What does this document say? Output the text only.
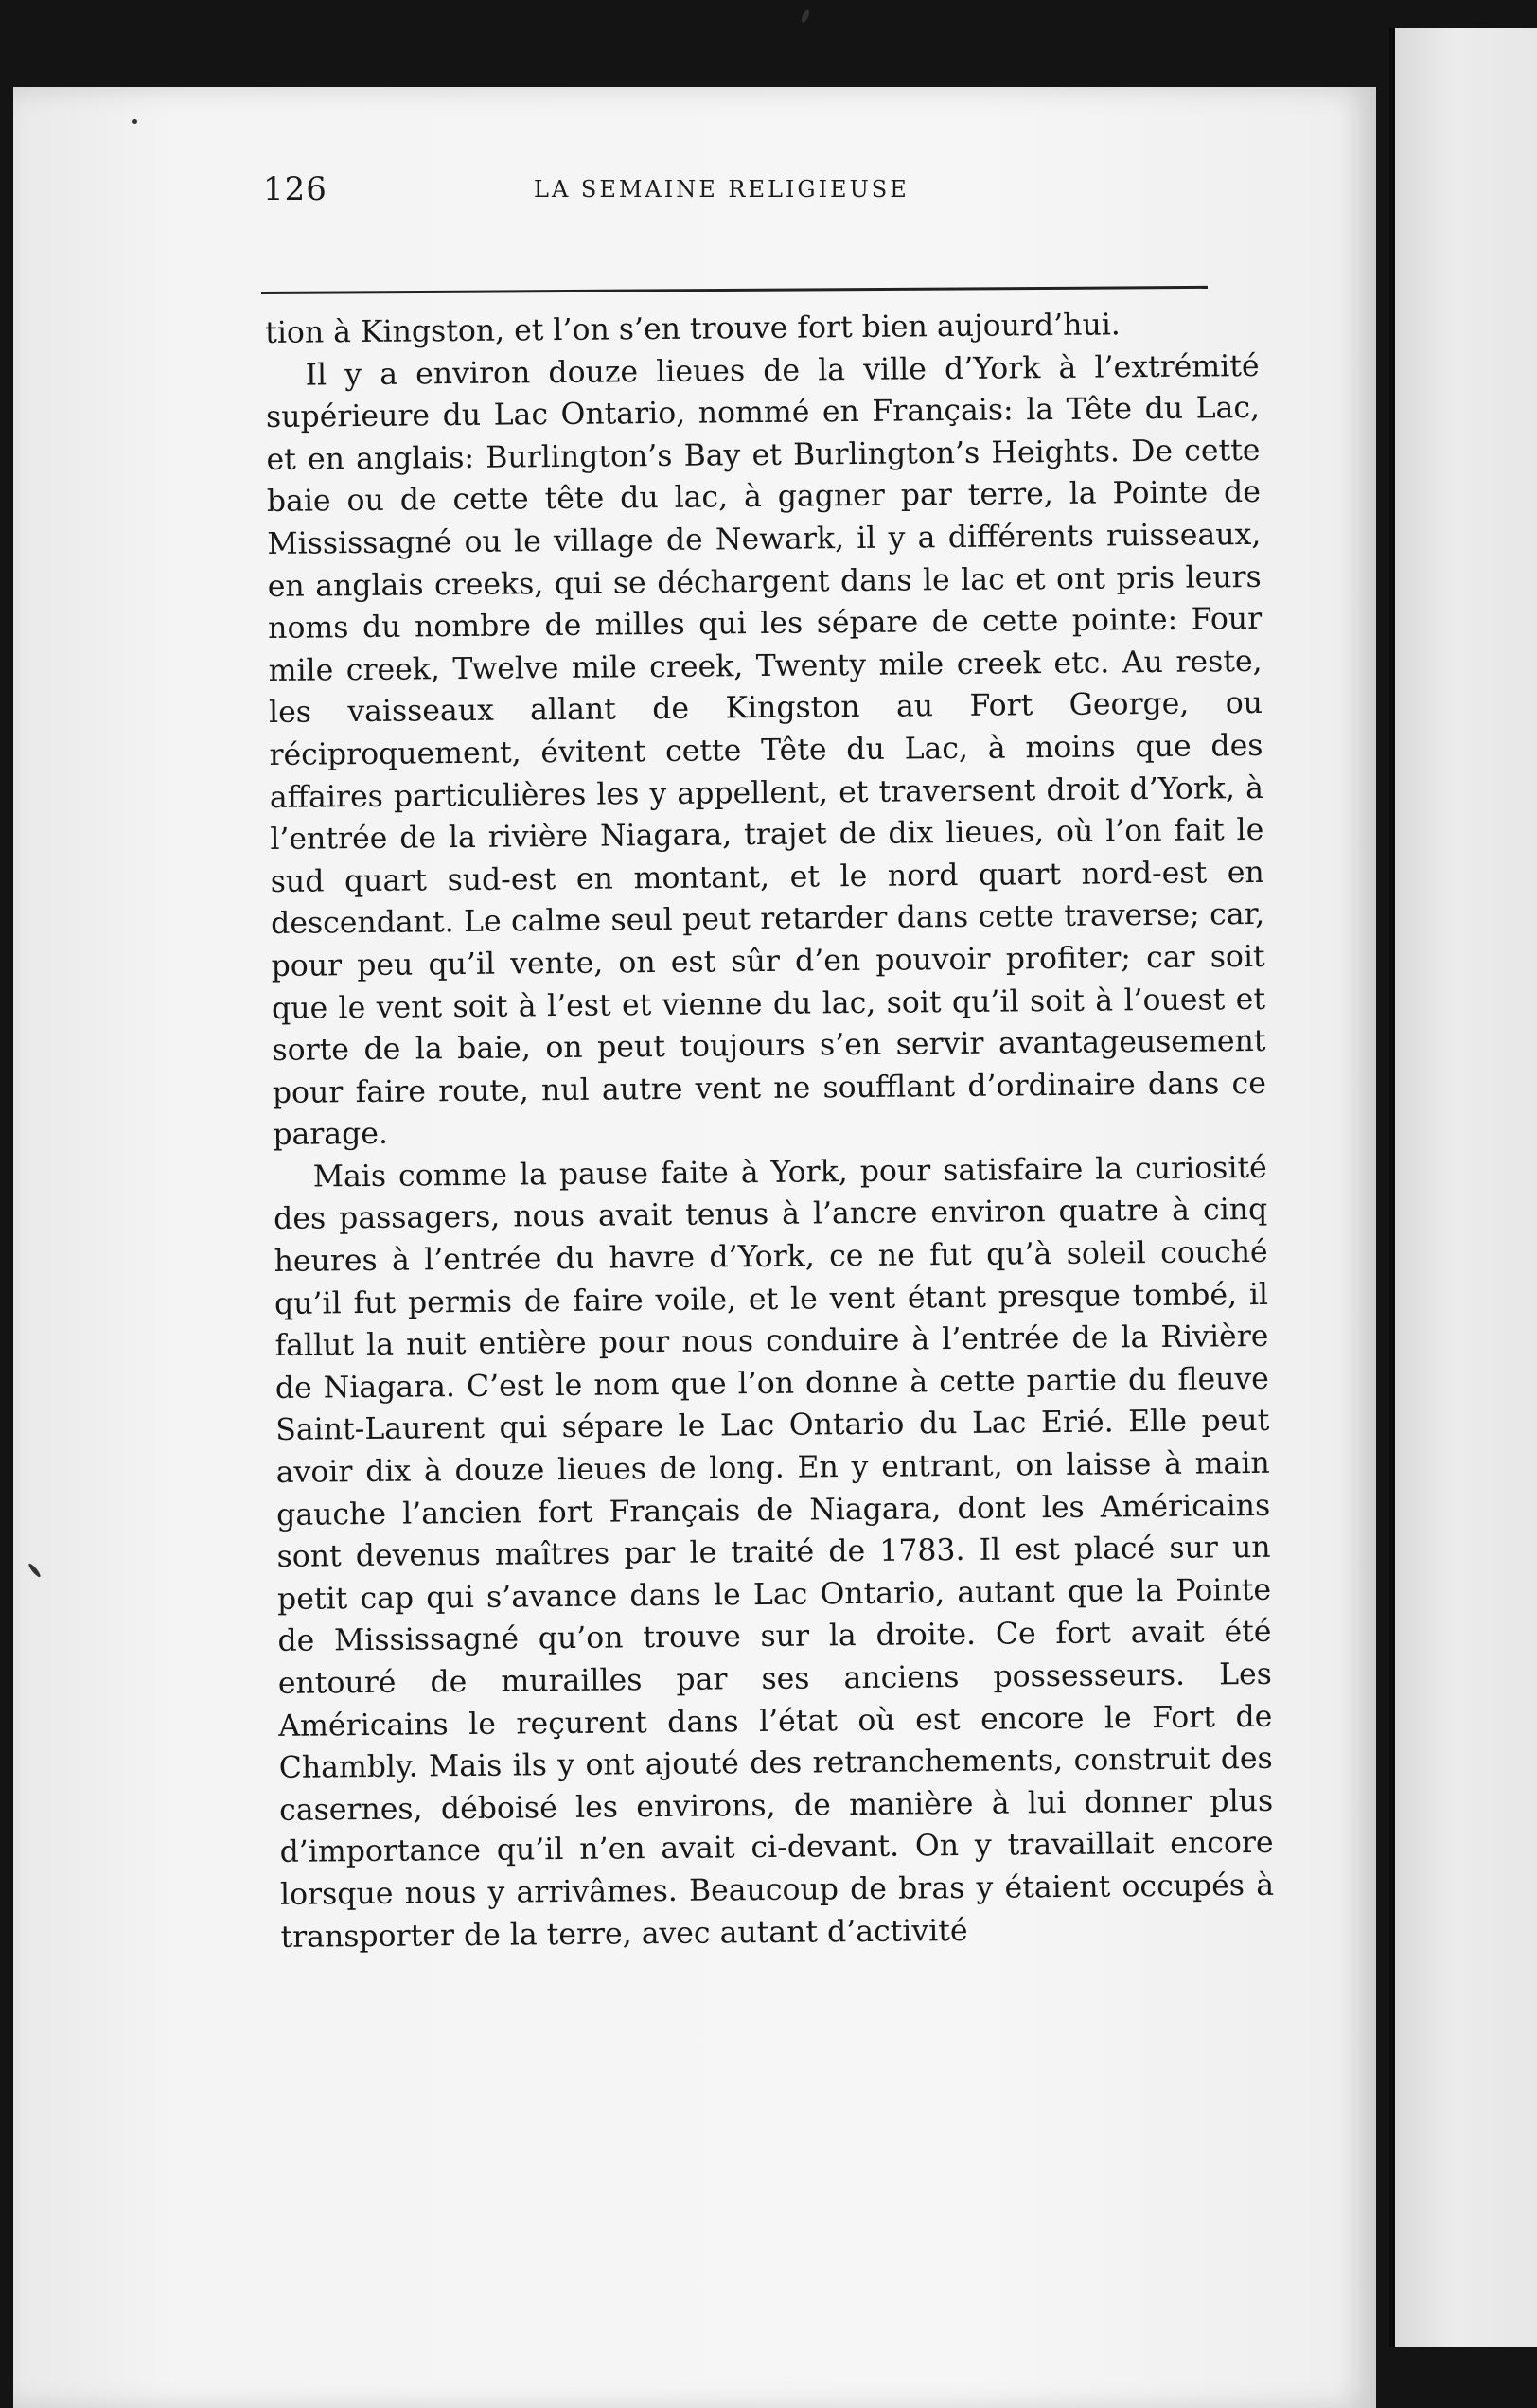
126	LA SEMAINE RELIGIEUSE

tion à Kingston, et l’on s’en trouve fort bien aujourd’hui.

Il y a environ douze lieues de la ville d’York à l’extrémité supérieure du Lac Ontario, nommé en Français: la Tête du Lac, et en anglais: Burlington’s Bay et Burlington’s Heights. De cette baie ou de cette tête du lac, à gagner par terre, la Pointe de Mississagné ou le village de Newark, il y a différents ruisseaux, en anglais creeks, qui se déchargent dans le lac et ont pris leurs noms du nombre de milles qui les sépare de cette pointe: Four mile creek, Twelve mile creek, Twenty mile creek etc. Au reste, les vaisseaux allant de Kingston au Fort George, ou réciproquement, évitent cette Tête du Lac, à moins que des affaires particulières les y appellent, et traversent droit d’York, à l’entrée de la rivière Niagara, trajet de dix lieues, où l’on fait le sud quart sud-est en montant, et le nord quart nord-est en descendant. Le calme seul peut retarder dans cette traverse; car, pour peu qu’il vente, on est sûr d’en pouvoir profiter; car soit que le vent soit à l’est et vienne du lac, soit qu’il soit à l’ouest et sorte de la baie, on peut toujours s’en servir avantageusement pour faire route, nul autre vent ne soufflant d’ordinaire dans ce parage.

Mais comme la pause faite à York, pour satisfaire la curiosité des passagers, nous avait tenus à l’ancre environ quatre à cinq heures à l’entrée du havre d’York, ce ne fut qu’à soleil couché qu’il fut permis de faire voile, et le vent étant presque tombé, il fallut la nuit entière pour nous conduire à l’entrée de la Rivière de Niagara. C’est le nom que l’on donne à cette partie du fleuve Saint-Laurent qui sépare le Lac Ontario du Lac Erié. Elle peut avoir dix à douze lieues de long. En y entrant, on laisse à main gauche l’ancien fort Français de Niagara, dont les Américains sont devenus maîtres par le traité de 1783. Il est placé sur un petit cap qui s’avance dans le Lac Ontario, autant que la Pointe de Mississagné qu’on trouve sur la droite. Ce fort avait été entouré de murailles par ses anciens possesseurs. Les Américains le reçurent dans l’état où est encore le Fort de Chambly. Mais ils y ont ajouté des retranchements, construit des casernes, déboisé les environs, de manière à lui donner plus d’importance qu’il n’en avait ci-devant. On y travaillait encore lorsque nous y arrivâmes. Beaucoup de bras y étaient occupés à transporter de la terre, avec autant d’activité
